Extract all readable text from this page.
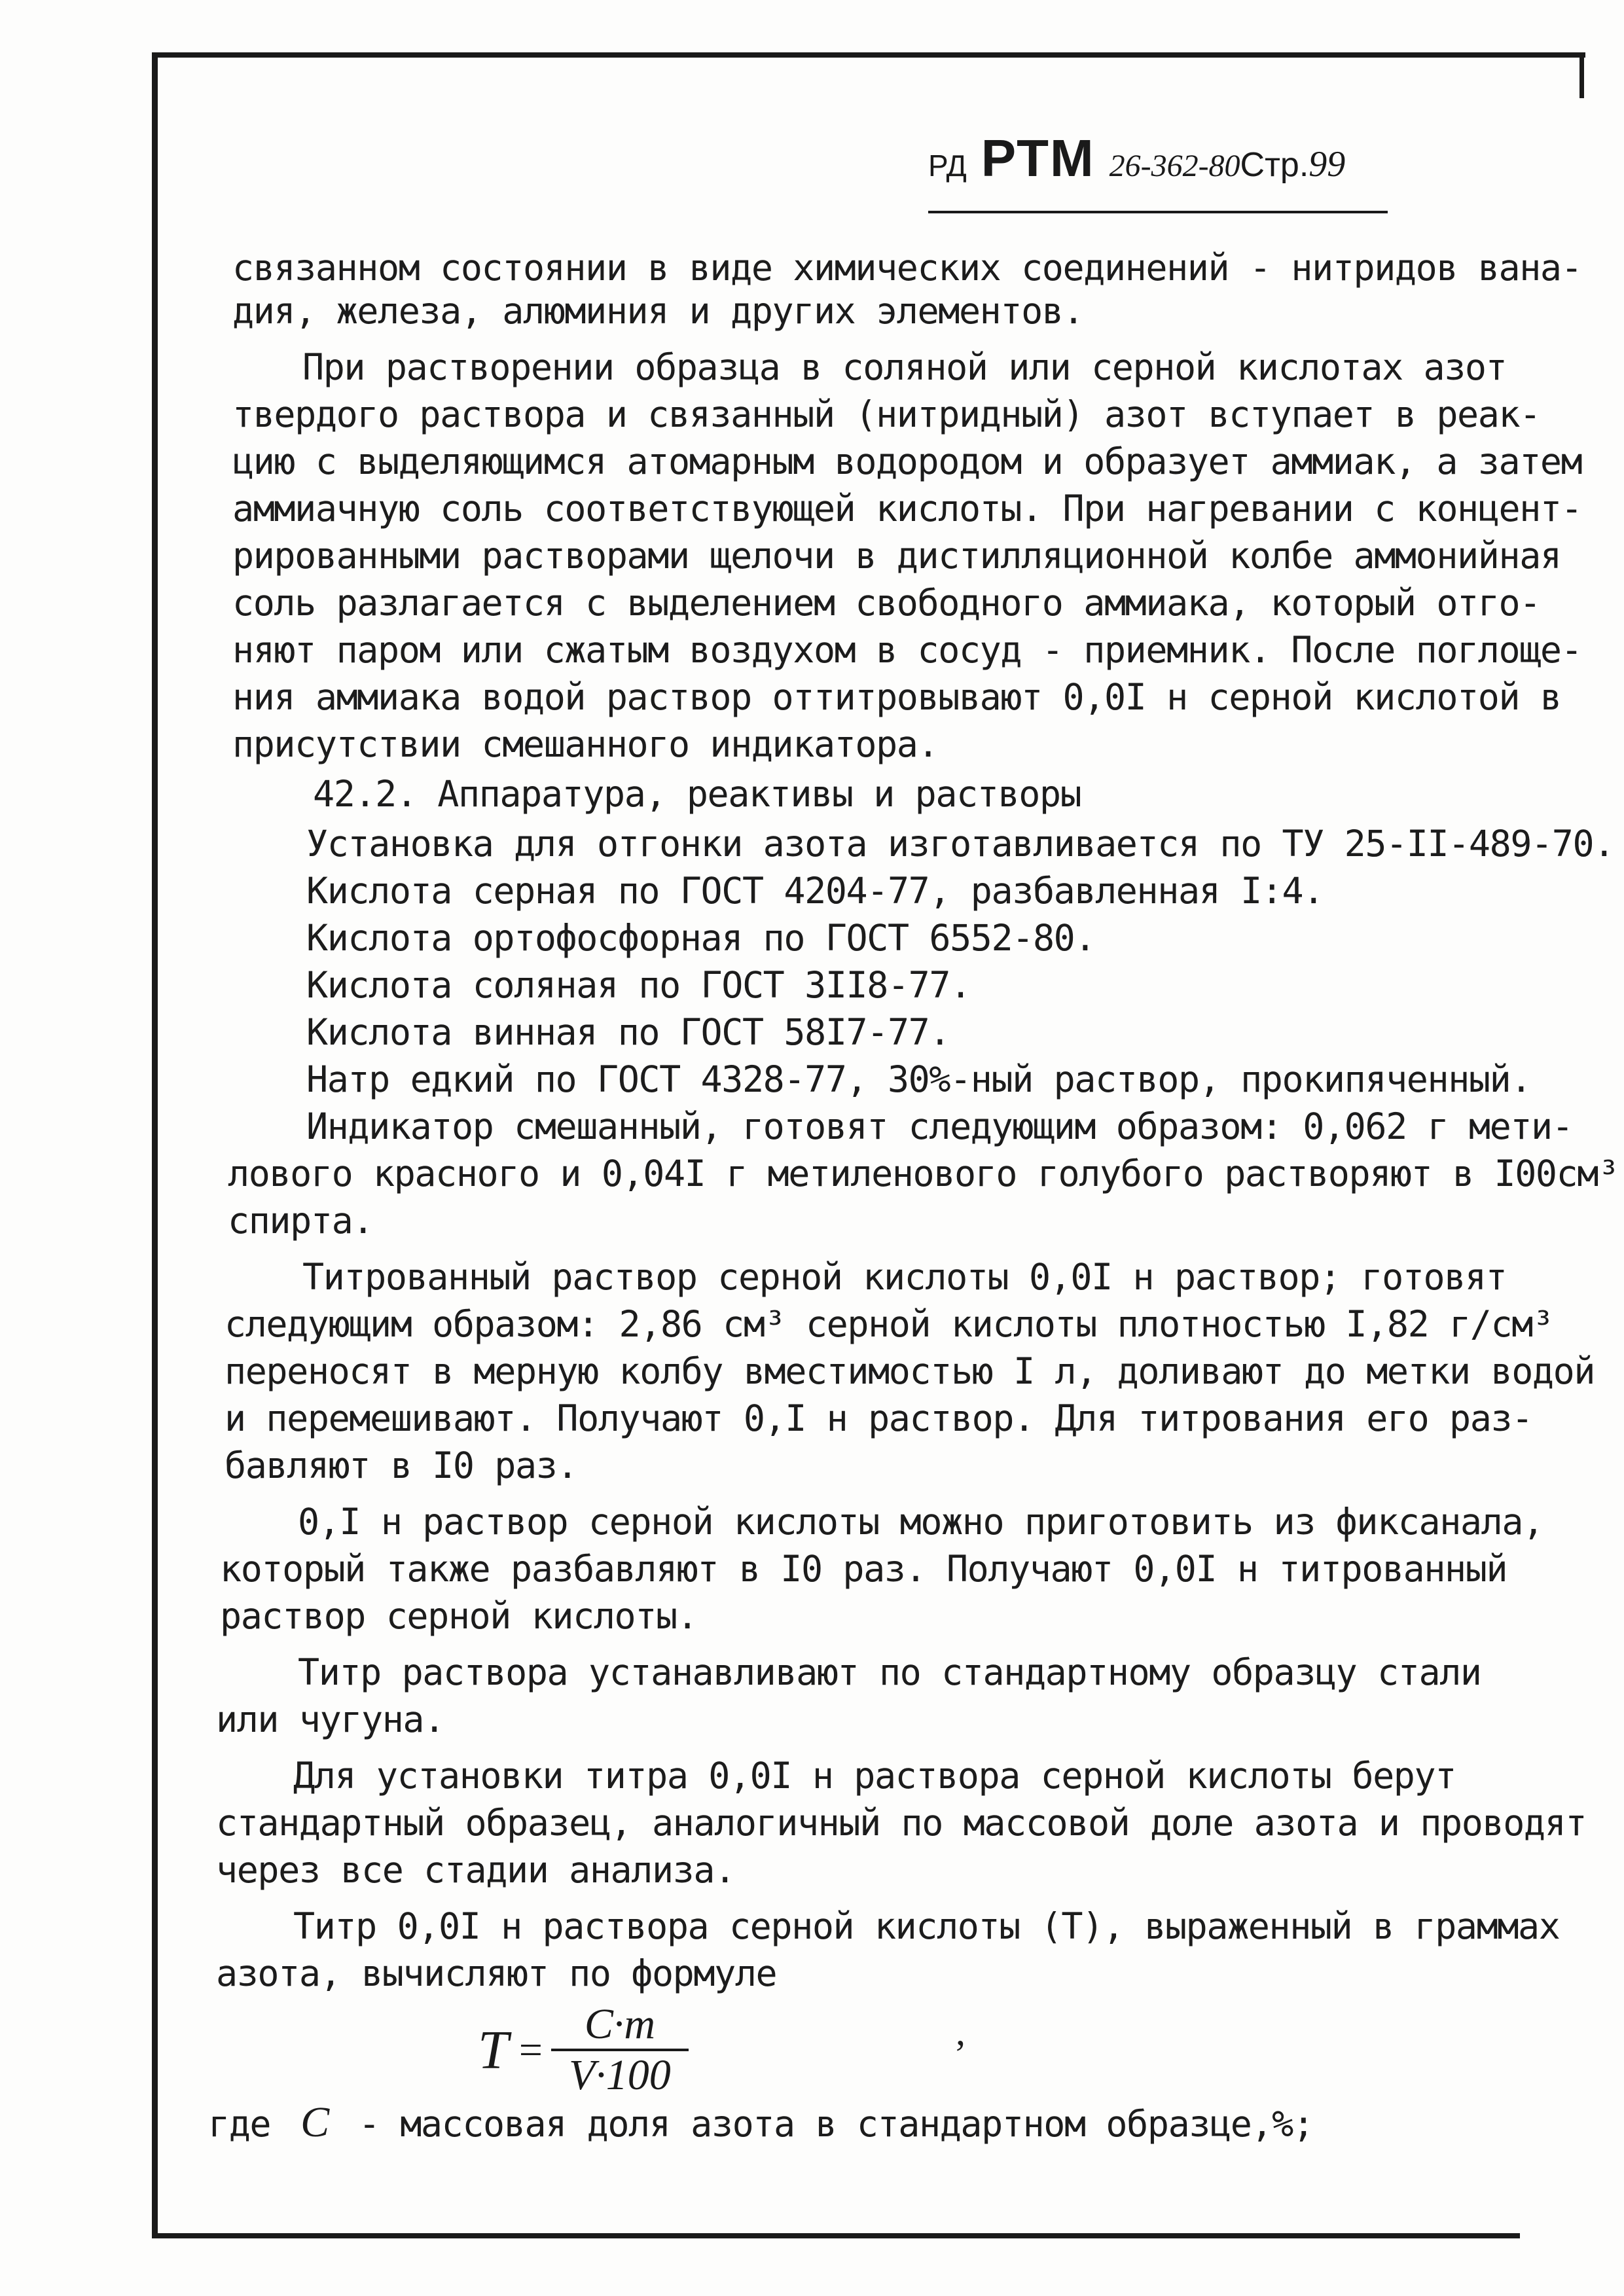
РД РТМ 26-362-80 Стр. 99
связанном состоянии в виде химических соединений - нитридов вана-
дия, железа, алюминия и других элементов.
При растворении образца в соляной или серной кислотах азот
твердого раствора и связанный (нитридный) азот вступает в реак-
цию с выделяющимся атомарным водородом и образует аммиак, а затем
аммиачную соль соответствующей кислоты. При нагревании с концент-
рированными растворами щелочи в дистилляционной колбе аммонийная
соль разлагается с выделением свободного аммиака, который отго-
няют паром или сжатым воздухом в сосуд - приемник. После поглоще-
ния аммиака водой раствор оттитровывают 0,0I н серной кислотой в
присутствии смешанного индикатора.
42.2. Аппаратура, реактивы и растворы
Установка для отгонки азота изготавливается по ТУ 25-II-489-70.
Кислота серная по ГОСТ 4204-77, разбавленная I:4.
Кислота ортофосфорная по ГОСТ 6552-80.
Кислота соляная по ГОСТ 3II8-77.
Кислота винная по ГОСТ 58I7-77.
Натр едкий по ГОСТ 4328-77, 30%-ный раствор, прокипяченный.
Индикатор смешанный, готовят следующим образом: 0,062 г мети-
лового красного и 0,04I г метиленового голубого растворяют в I00см³
спирта.
Титрованный раствор серной кислоты 0,0I н раствор; готовят
следующим образом: 2,86 см³ серной кислоты плотностью I,82 г/см³
переносят в мерную колбу вместимостью I л, доливают до метки водой
и перемешивают. Получают 0,I н раствор. Для титрования его раз-
бавляют в I0 раз.
0,I н раствор серной кислоты можно приготовить из фиксанала,
который также разбавляют в I0 раз. Получают 0,0I н титрованный
раствор серной кислоты.
Титр раствора устанавливают по стандартному образцу стали
или чугуна.
Для установки титра 0,0I н раствора серной кислоты берут
стандартный образец, аналогичный по массовой доле азота и проводят
через все стадии анализа.
Титр 0,0I н раствора серной кислоты (Т), выраженный в граммах
азота, вычисляют по формуле
$T = \frac{C\cdot m}{V\cdot 100}$	,
где C - массовая доля азота в стандартном образце,%;
